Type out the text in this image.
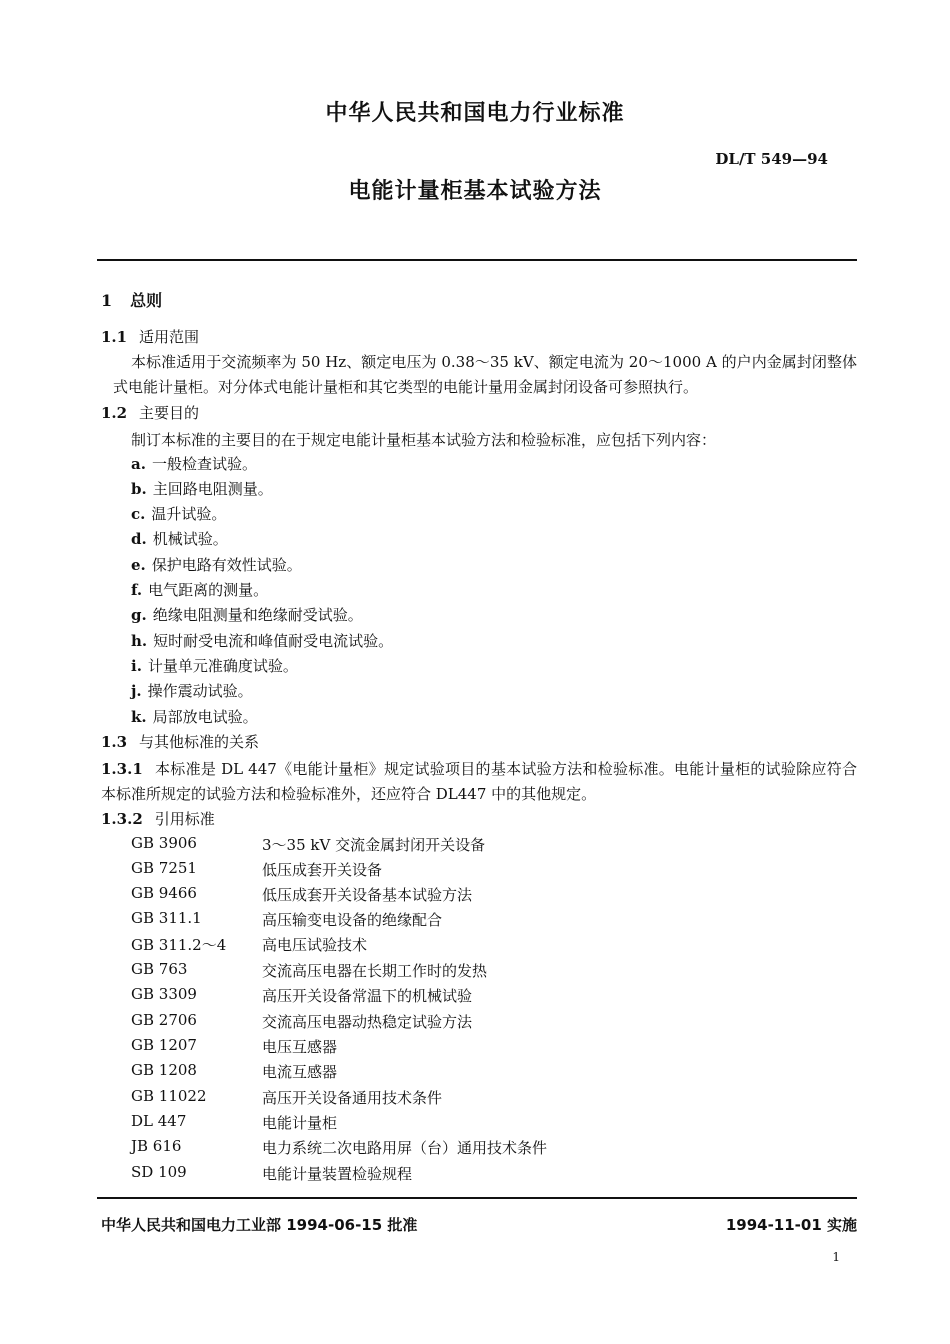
中华人民共和国电力行业标准
DL/T 549—94
电能计量柜基本试验方法
1 总则
1.1 适用范围
本标准适用于交流频率为 50 Hz、额定电压为 0.38～35 kV、额定电流为 20～1000 A 的户内金属封闭整体式电能计量柜。对分体式电能计量柜和其它类型的电能计量用金属封闭设备可参照执行。
1.2 主要目的
制订本标准的主要目的在于规定电能计量柜基本试验方法和检验标准，应包括下列内容：
a. 一般检查试验。
b. 主回路电阻测量。
c. 温升试验。
d. 机械试验。
e. 保护电路有效性试验。
f. 电气距离的测量。
g. 绝缘电阻测量和绝缘耐受试验。
h. 短时耐受电流和峰值耐受电流试验。
i. 计量单元准确度试验。
j. 操作震动试验。
k. 局部放电试验。
1.3 与其他标准的关系
1.3.1 本标准是 DL 447《电能计量柜》规定试验项目的基本试验方法和检验标准。电能计量柜的试验除应符合本标准所规定的试验方法和检验标准外，还应符合 DL447 中的其他规定。
1.3.2 引用标准
GB 3906	3～35 kV 交流金属封闭开关设备
GB 7251	低压成套开关设备
GB 9466	低压成套开关设备基本试验方法
GB 311.1	高压输变电设备的绝缘配合
GB 311.2～4 高电压试验技术
GB 763	交流高压电器在长期工作时的发热
GB 3309	高压开关设备常温下的机械试验
GB 2706	交流高压电器动热稳定试验方法
GB 1207	电压互感器
GB 1208	电流互感器
GB 11022	高压开关设备通用技术条件
DL 447	电能计量柜
JB 616	电力系统二次电路用屏（台）通用技术条件
SD 109	电能计量装置检验规程
中华人民共和国电力工业部 1994-06-15 批准	1994-11-01 实施
1
